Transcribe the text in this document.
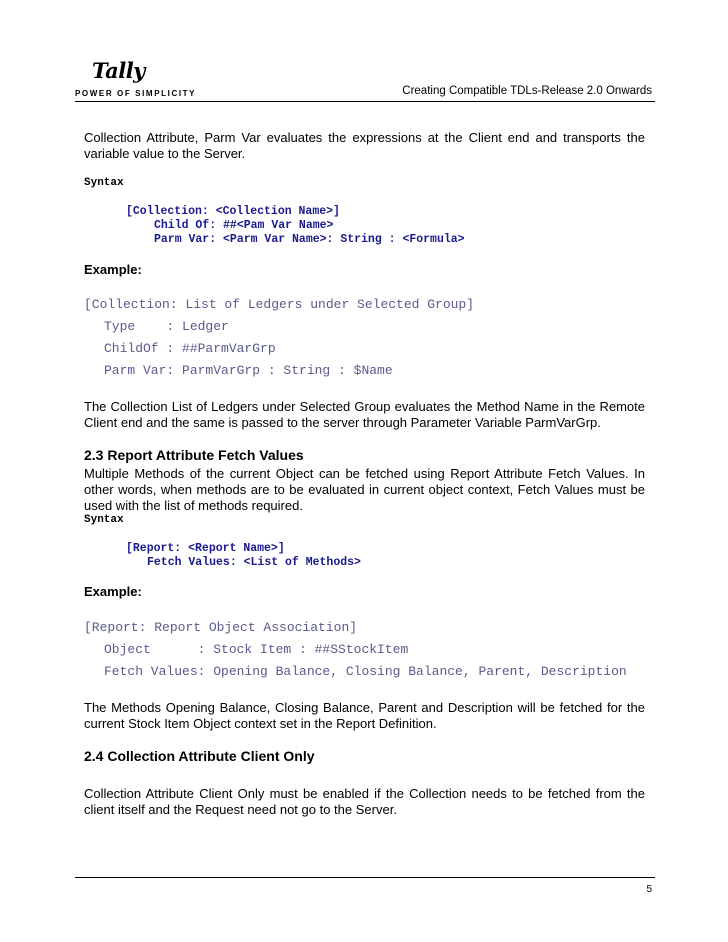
Tally
POWER OF SIMPLICITY	Creating Compatible TDLs-Release 2.0 Onwards
Collection Attribute, Parm Var evaluates the expressions at the Client end and transports the variable value to the Server.
Syntax
[Collection: <Collection Name>]
Child Of: ##<Pam Var Name>
Parm Var: <Parm Var Name>: String : <Formula>
Example:
[Collection: List of Ledgers under Selected Group]
Type    : Ledger
ChildOf : ##ParmVarGrp
Parm Var: ParmVarGrp : String : $Name
The Collection List of Ledgers under Selected Group evaluates the Method Name in the Remote Client end and the same is passed to the server through Parameter Variable ParmVarGrp.
2.3 Report Attribute Fetch Values
Multiple Methods of the current Object can be fetched using Report Attribute Fetch Values. In other words, when methods are to be evaluated in current object context, Fetch Values must be used with the list of methods required.
Syntax
[Report: <Report Name>]
Fetch Values: <List of Methods>
Example:
[Report: Report Object Association]
Object      : Stock Item : ##SStockItem
Fetch Values: Opening Balance, Closing Balance, Parent, Description
The Methods Opening Balance, Closing Balance, Parent and Description will be fetched for the current Stock Item Object context set in the Report Definition.
2.4 Collection Attribute Client Only
Collection Attribute Client Only must be enabled if the Collection needs to be fetched from the client itself and the Request need not go to the Server.
5
